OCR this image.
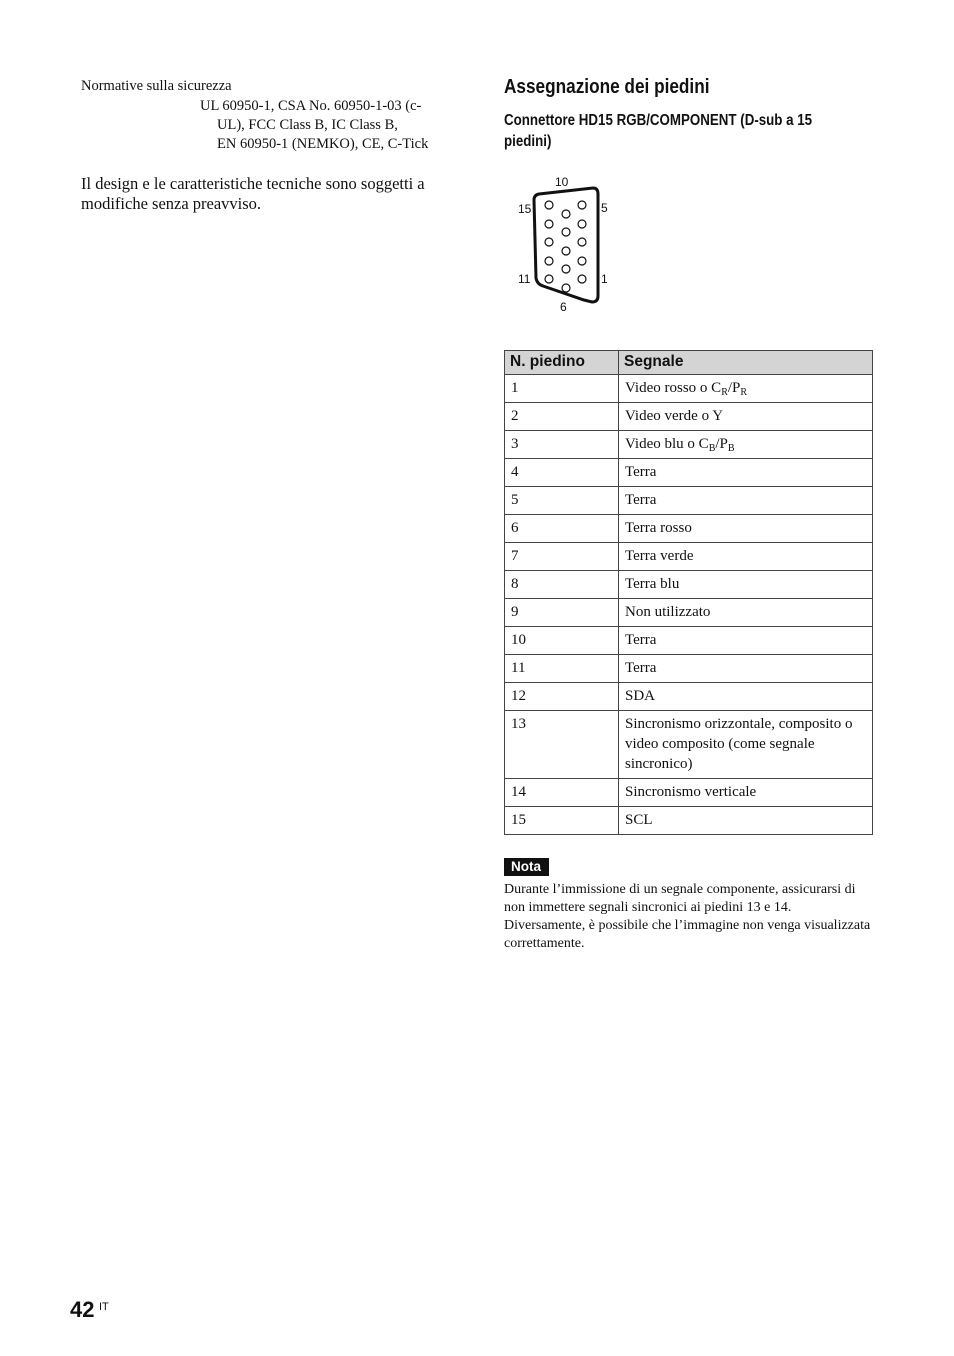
Normative sulla sicurezza
UL 60950-1, CSA No. 60950-1-03 (c-
UL), FCC Class B, IC Class B,
EN 60950-1 (NEMKO), CE, C-Tick
Il design e le caratteristiche tecniche sono soggetti a modifiche senza preavviso.
Assegnazione dei piedini
Connettore HD15 RGB/COMPONENT (D-sub a 15 piedini)
10
15	5
11	1
6
N. piedino	Segnale
1	Video rosso o $C_R/P_R$
2	Video verde o Y
3	Video blu o $C_B/P_B$
4	Terra
5	Terra
6	Terra rosso
7	Terra verde
8	Terra blu
9	Non utilizzato
10	Terra
11	Terra
12	SDA
13	Sincronismo orizzontale, composito o video composito (come segnale sincronico)
14	Sincronismo verticale
15	SCL
Nota
Durante l’immissione di un segnale componente, assicurarsi di non immettere segnali sincronici ai piedini 13 e 14. Diversamente, è possibile che l’immagine non venga visualizzata correttamente.
42 IT
